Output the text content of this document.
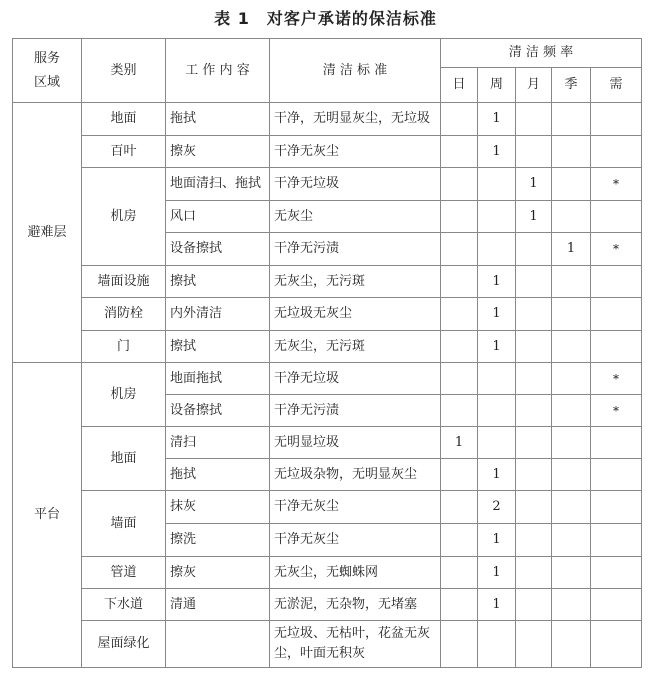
表 1　对客户承诺的保洁标准
服务
区域	类别	工 作 内 容	清 洁 标 准	清 洁 频 率				
				日	周	月	季	需
避难层	地面	拖拭	干净，无明显灰尘，无垃圾		1			
	百叶	擦灰	干净无灰尘		1			
	机房	地面清扫、拖拭	干净无垃圾			1		*
		风口	无灰尘			1		
		设备擦拭	干净无污渍				1	*
	墙面设施	擦拭	无灰尘，无污斑		1			
	消防栓	内外清洁	无垃圾无灰尘		1			
	门	擦拭	无灰尘，无污斑		1			
平台	机房	地面拖拭	干净无垃圾					*
		设备擦拭	干净无污渍					*
	地面	清扫	无明显垃圾	1				
		拖拭	无垃圾杂物，无明显灰尘		1			
	墙面	抹灰	干净无灰尘		2			
		擦洗	干净无灰尘		1			
	管道	擦灰	无灰尘，无蜘蛛网		1			
	下水道	清通	无淤泥，无杂物，无堵塞		1			
	屋面绿化		无垃圾、无枯叶，花盆无灰尘，叶面无积灰					
